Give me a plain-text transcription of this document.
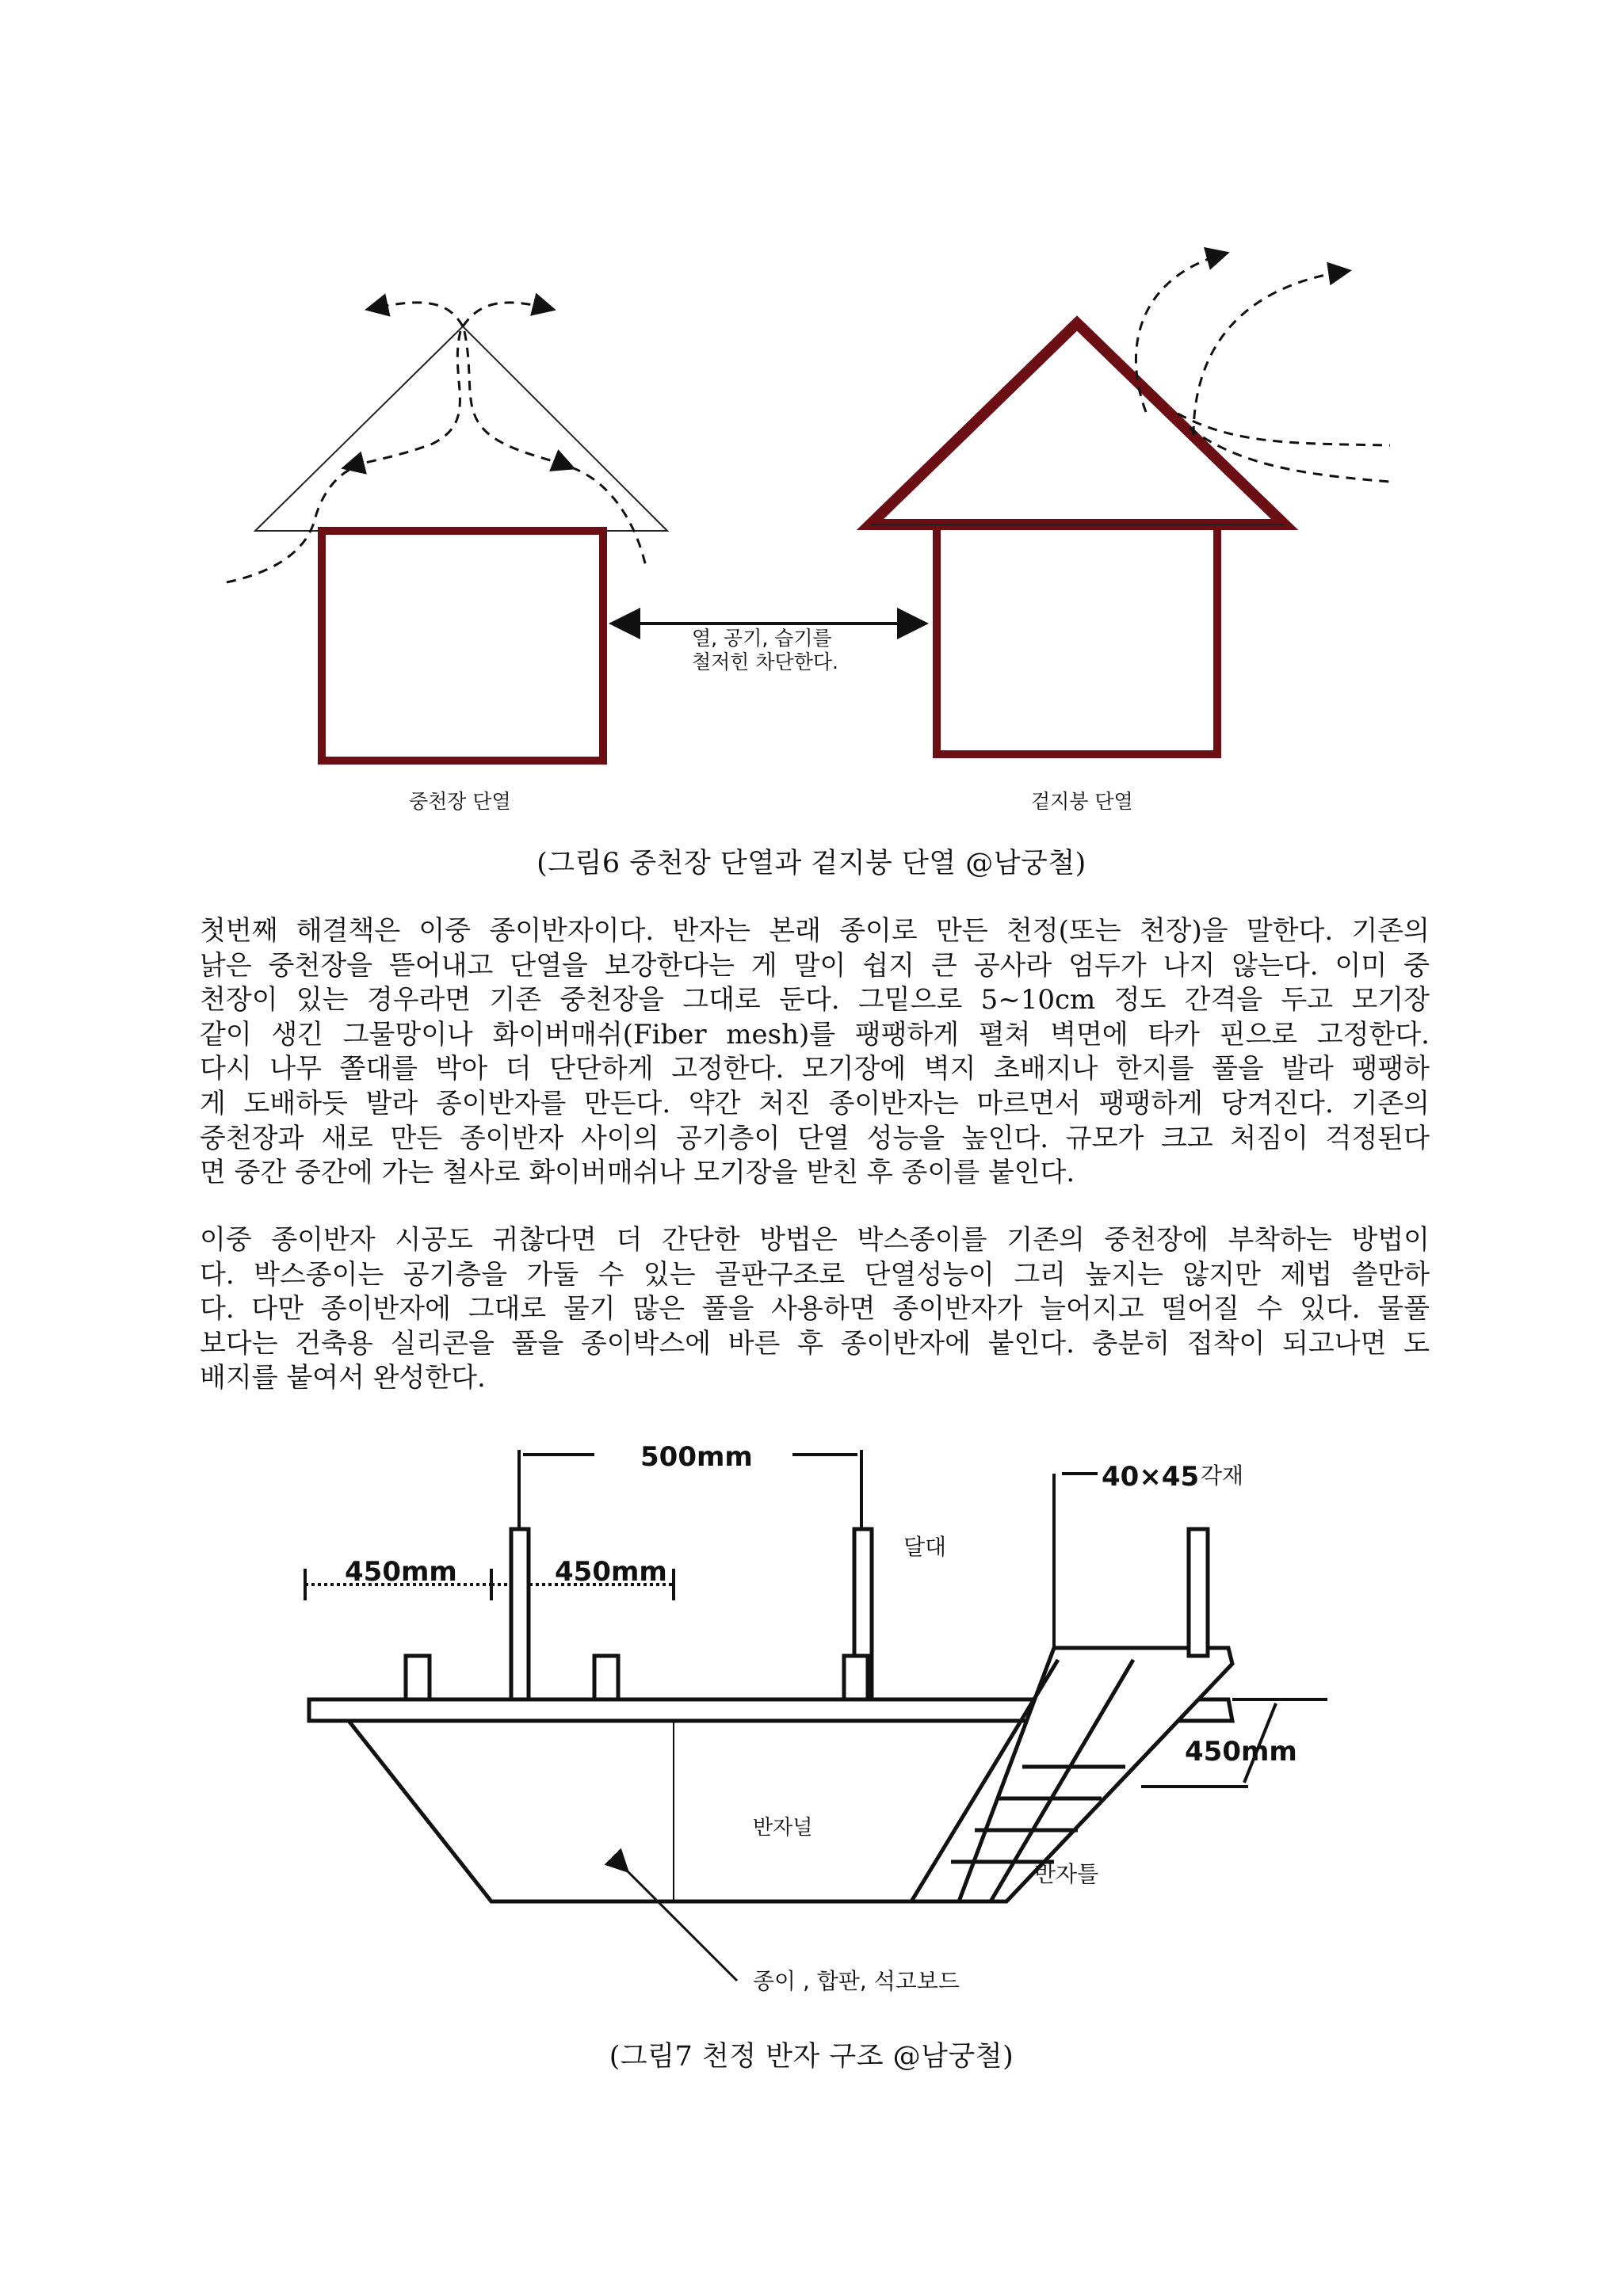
열, 공기, 습기를
철저힌 차단한다.
중천장 단열	겉지붕 단열
(그림6 중천장 단열과 겉지붕 단열 @남궁철)
첫번째 해결책은 이중 종이반자이다. 반자는 본래 종이로 만든 천정(또는 천장)을 말한다. 기존의
낡은 중천장을 뜯어내고 단열을 보강한다는 게 말이 쉽지 큰 공사라 엄두가 나지 않는다. 이미 중
천장이 있는 경우라면 기존 중천장을 그대로 둔다. 그밑으로 5~10cm 정도 간격을 두고 모기장
같이 생긴 그물망이나 화이버매쉬(Fiber mesh)를 팽팽하게 펼쳐 벽면에 타카 핀으로 고정한다.
다시 나무 쫄대를 박아 더 단단하게 고정한다. 모기장에 벽지 초배지나 한지를 풀을 발라 팽팽하
게 도배하듯 발라 종이반자를 만든다. 약간 처진 종이반자는 마르면서 팽팽하게 당겨진다. 기존의
중천장과 새로 만든 종이반자 사이의 공기층이 단열 성능을 높인다. 규모가 크고 처짐이 걱정된다
면 중간 중간에 가는 철사로 화이버매쉬나 모기장을 받친 후 종이를 붙인다.
이중 종이반자 시공도 귀찮다면 더 간단한 방법은 박스종이를 기존의 중천장에 부착하는 방법이
다. 박스종이는 공기층을 가둘 수 있는 골판구조로 단열성능이 그리 높지는 않지만 제법 쓸만하
다. 다만 종이반자에 그대로 물기 많은 풀을 사용하면 종이반자가 늘어지고 떨어질 수 있다. 물풀
보다는 건축용 실리콘을 풀을 종이박스에 바른 후 종이반자에 붙인다. 충분히 접착이 되고나면 도
배지를 붙여서 완성한다.
500mm
450mm	450mm
450mm
40×45 각재
달대
반자널
반자틀
종이 , 합판, 석고보드
(그림7 천정 반자 구조 @남궁철)
